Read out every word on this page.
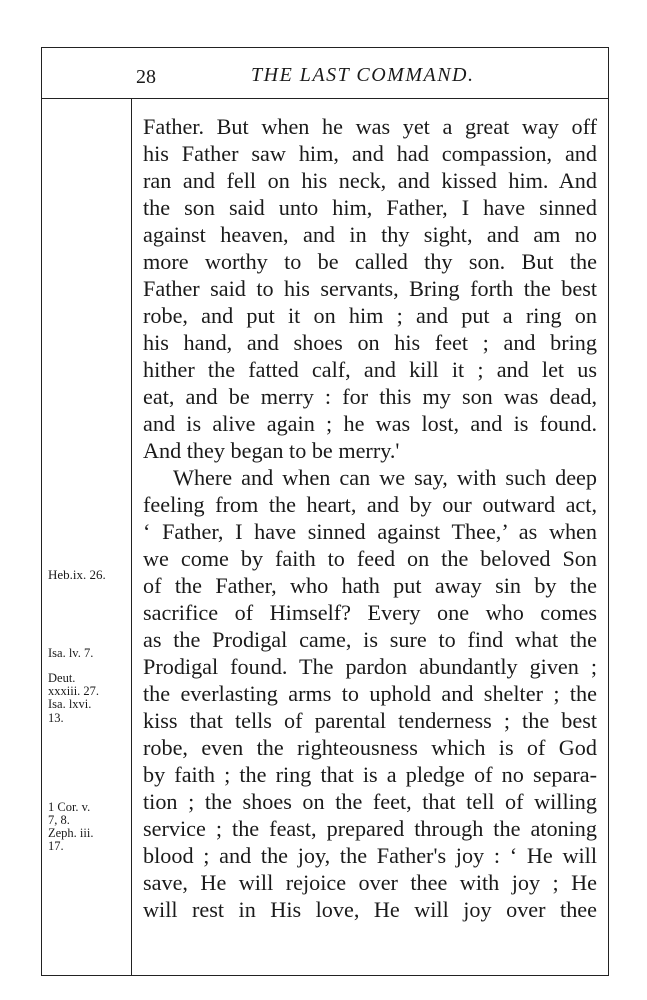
28	THE LAST COMMAND.
Father. But when he was yet a great way off
his Father saw him, and had compassion, and
ran and fell on his neck, and kissed him. And
the son said unto him, Father, I have sinned
against heaven, and in thy sight, and am no
more worthy to be called thy son. But the
Father said to his servants, Bring forth the best
robe, and put it on him ; and put a ring on
his hand, and shoes on his feet ; and bring
hither the fatted calf, and kill it ; and let us
eat, and be merry : for this my son was dead,
and is alive again ; he was lost, and is found.
And they began to be merry.'
Where and when can we say, with such deep
feeling from the heart, and by our outward act,
‘ Father, I have sinned against Thee,’ as when
we come by faith to feed on the beloved Son
of the Father, who hath put away sin by the
sacrifice of Himself? Every one who comes
as the Prodigal came, is sure to find what the
Prodigal found. The pardon abundantly given ;
the everlasting arms to uphold and shelter ; the
kiss that tells of parental tenderness ; the best
robe, even the righteousness which is of God
by faith ; the ring that is a pledge of no separa-
tion ; the shoes on the feet, that tell of willing
service ; the feast, prepared through the atoning
blood ; and the joy, the Father's joy : ‘ He will
save, He will rejoice over thee with joy ; He
will rest in His love, He will joy over thee
Heb.ix. 26.
Isa. lv. 7.
Deut.
xxxiii. 27.
Isa. lxvi.
13.
1 Cor. v.
7, 8.
Zeph. iii.
17.
